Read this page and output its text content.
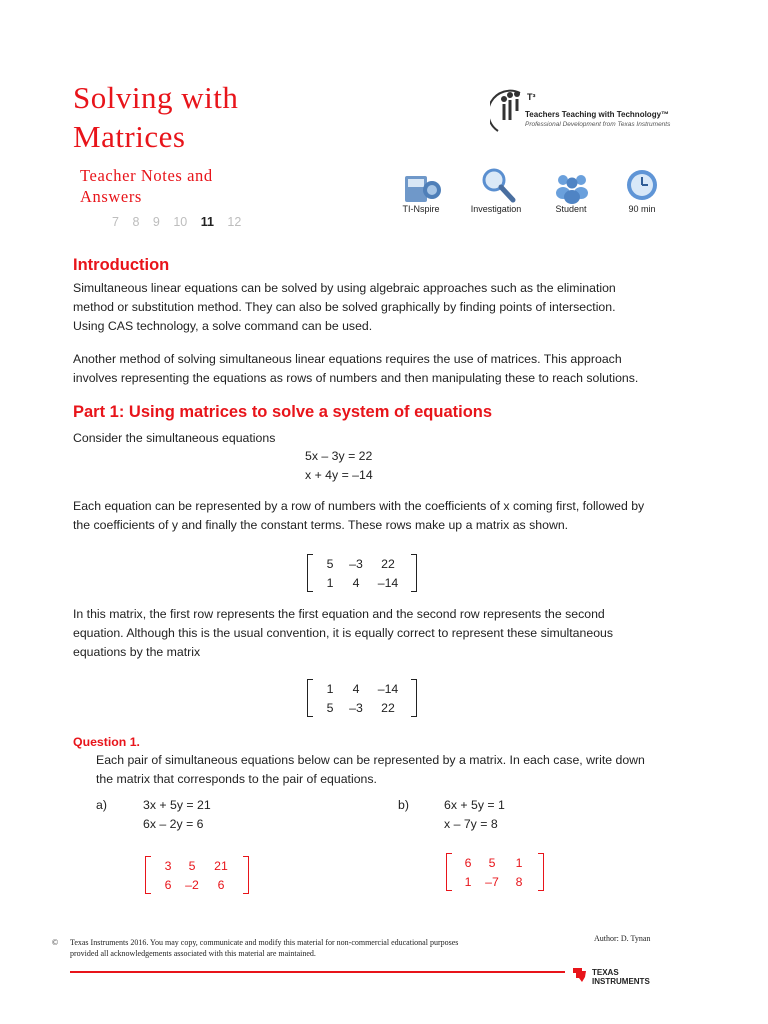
Solving with
Matrices
Teacher Notes and
Answers
7 8 9 10 11 12
T³
Teachers Teaching with Technology™
Professional Development from Texas Instruments
TI-Nspire	Investigation	Student	90 min
Introduction
Simultaneous linear equations can be solved by using algebraic approaches such as the elimination
method or substitution method. They can also be solved graphically by finding points of intersection.
Using CAS technology, a solve command can be used.
Another method of solving simultaneous linear equations requires the use of matrices. This approach
involves representing the equations as rows of numbers and then manipulating these to reach solutions.
Part 1: Using matrices to solve a system of equations
Consider the simultaneous equations
5x – 3y = 22
x + 4y = –14
Each equation can be represented by a row of numbers with the coefficients of x coming first, followed by
the coefficients of y and finally the constant terms. These rows make up a matrix as shown.
5	–3	22
1	4	–14
In this matrix, the first row represents the first equation and the second row represents the second
equation. Although this is the usual convention, it is equally correct to represent these simultaneous
equations by the matrix
1	4	–14
5	–3	22
Question 1.
Each pair of simultaneous equations below can be represented by a matrix. In each case, write down
the matrix that corresponds to the pair of equations.
a)	3x + 5y = 21
6x – 2y = 6
b)	6x + 5y = 1
x – 7y = 8
3	5	21
6	–2	6
6	5	1
1	–7	8
© Texas Instruments 2016. You may copy, communicate and modify this material for non-commercial educational purposes
provided all acknowledgements associated with this material are maintained.
Author: D. Tynan
TEXAS
INSTRUMENTS
